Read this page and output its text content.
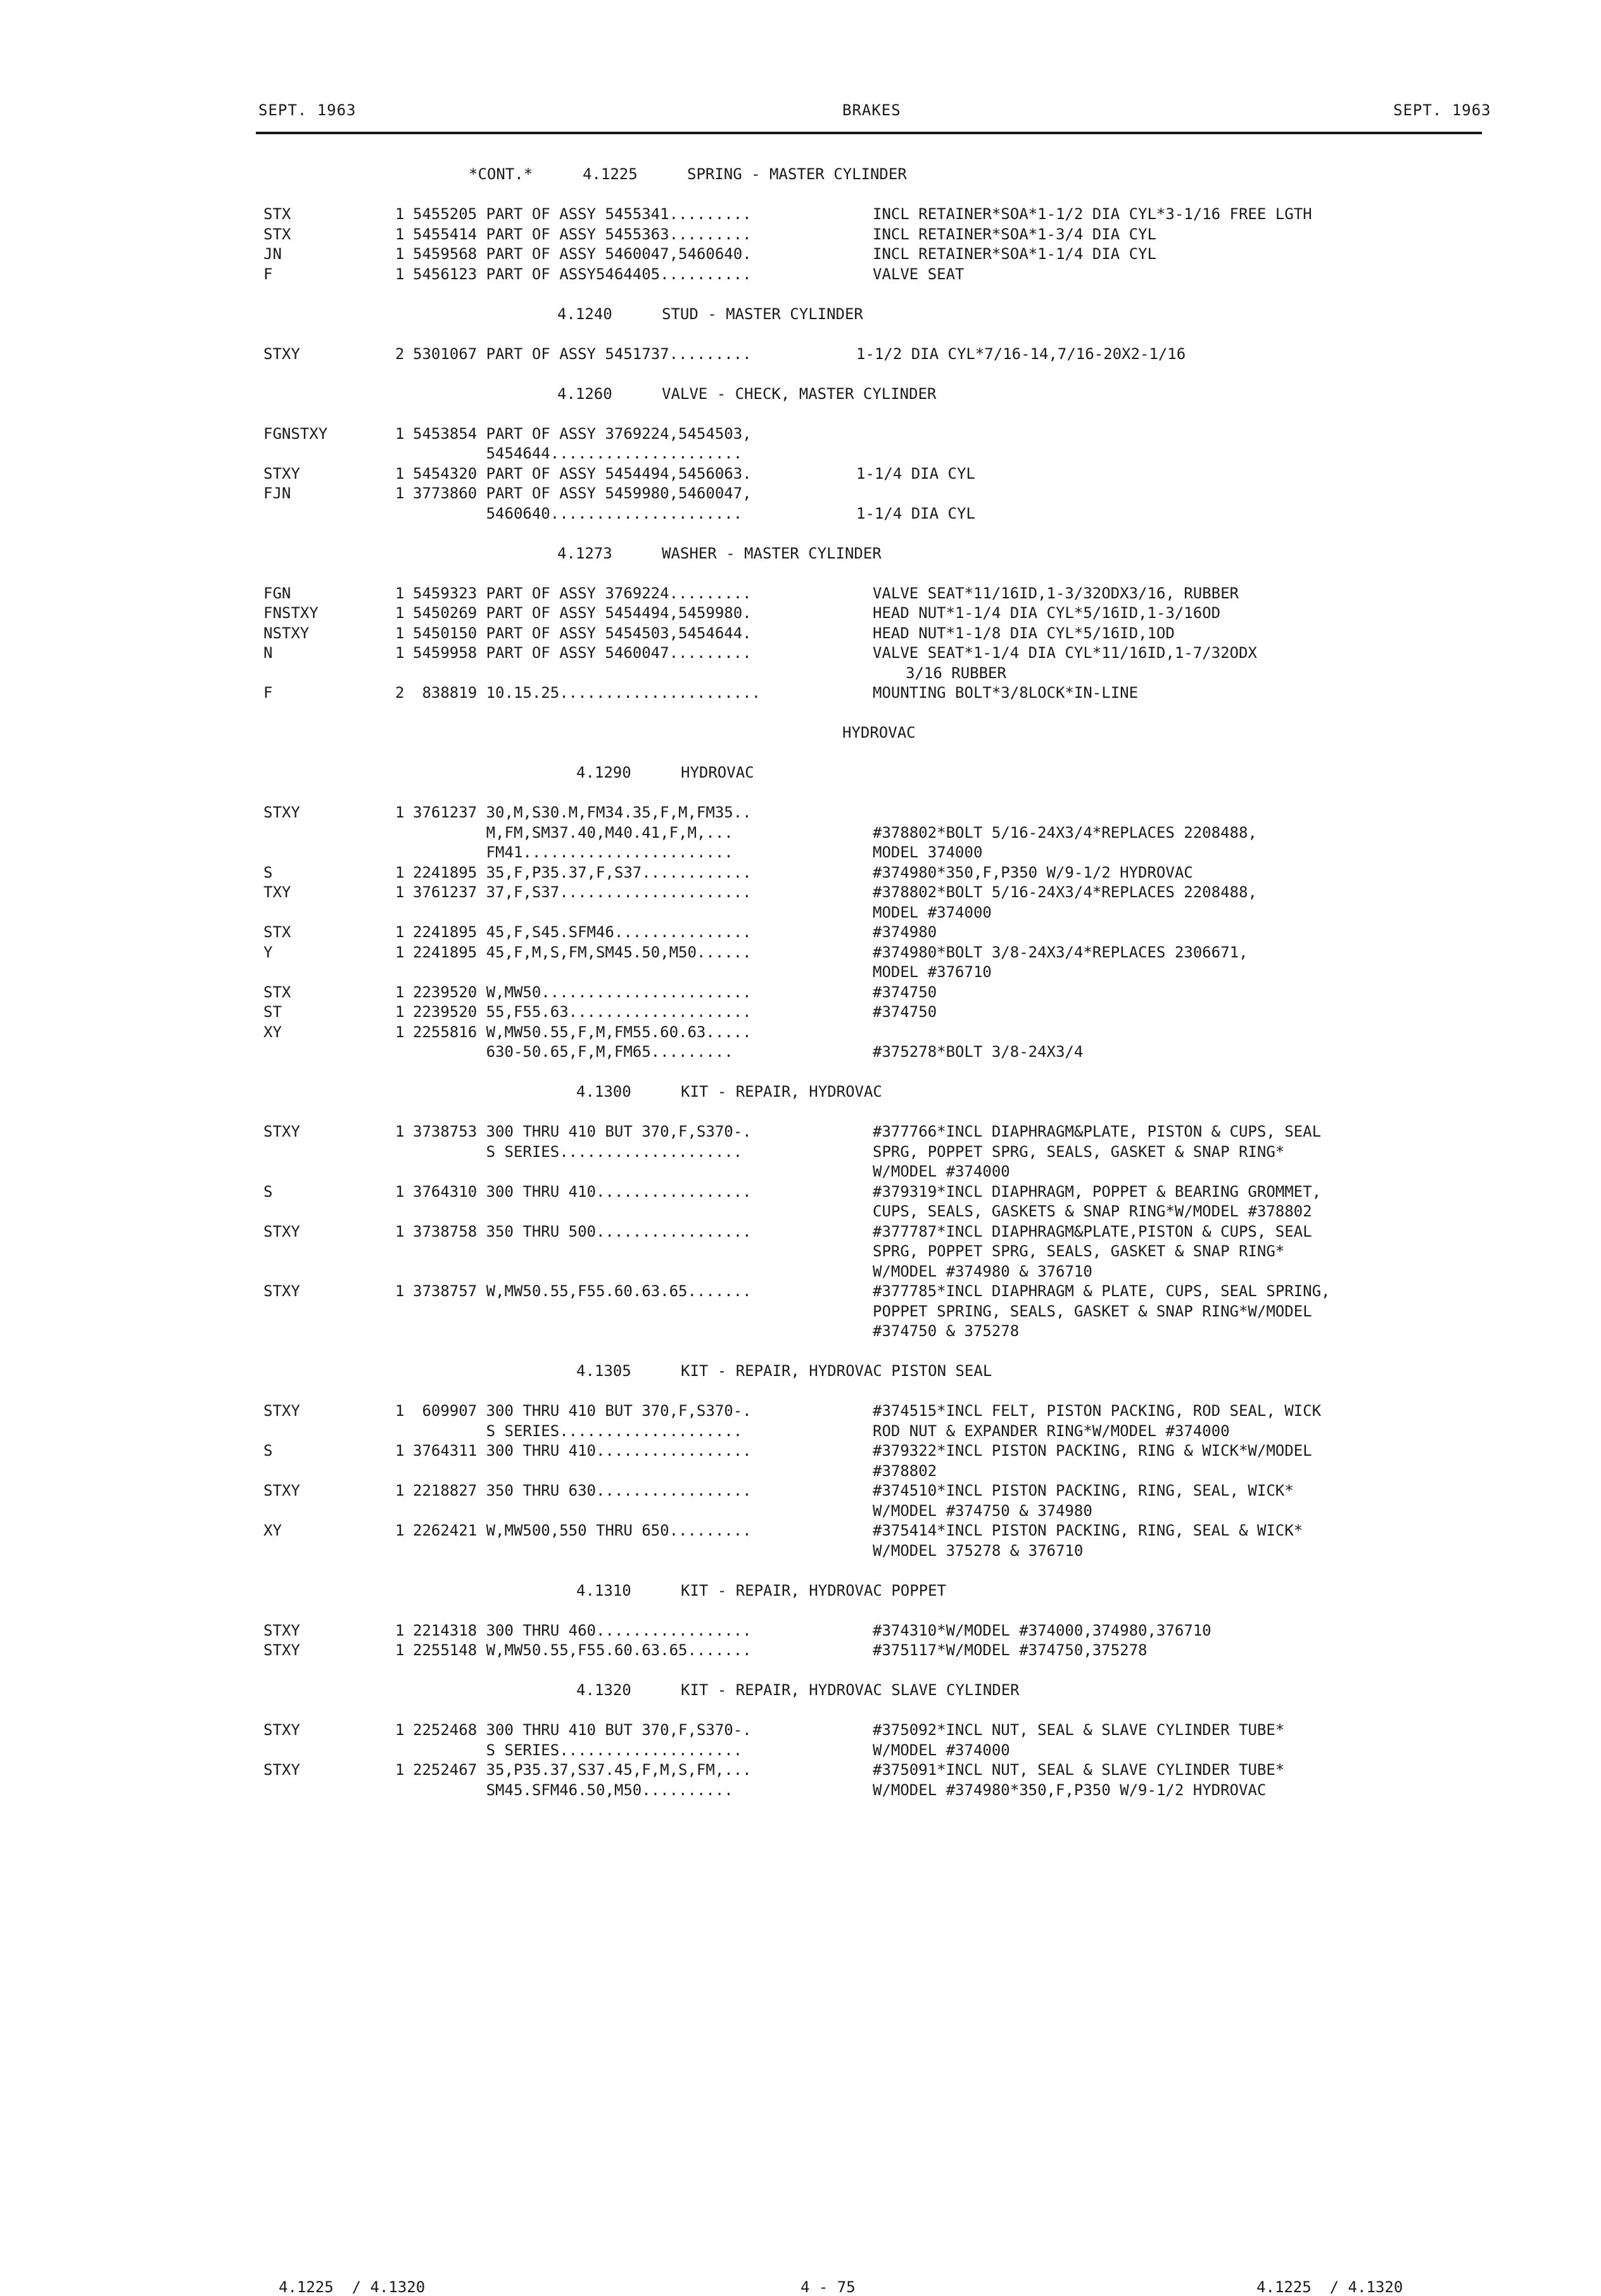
SEPT. 1963	BRAKES	SEPT. 1963
*CONT.*	4.1225	SPRING - MASTER CYLINDER
STX	1 5455205 PART OF ASSY 5455341.........	INCL RETAINER*SOA*1-1/2 DIA CYL*3-1/16 FREE LGTH
STX	1 5455414 PART OF ASSY 5455363.........	INCL RETAINER*SOA*1-3/4 DIA CYL
JN	1 5459568 PART OF ASSY 5460047,5460640.	INCL RETAINER*SOA*1-1/4 DIA CYL
F	1 5456123 PART OF ASSY5464405..........	VALVE SEAT
4.1240	STUD - MASTER CYLINDER
STXY	2 5301067 PART OF ASSY 5451737.........	1-1/2 DIA CYL*7/16-14,7/16-20X2-1/16
4.1260	VALVE - CHECK, MASTER CYLINDER
FGNSTXY	1 5453854 PART OF ASSY 3769224,5454503,
5454644.....................
STXY	1 5454320 PART OF ASSY 5454494,5456063.	1-1/4 DIA CYL
FJN	1 3773860 PART OF ASSY 5459980,5460047,
5460640.....................	1-1/4 DIA CYL
4.1273	WASHER - MASTER CYLINDER
FGN	1 5459323 PART OF ASSY 3769224.........	VALVE SEAT*11/16ID,1-3/32ODX3/16, RUBBER
FNSTXY	1 5450269 PART OF ASSY 5454494,5459980.	HEAD NUT*1-1/4 DIA CYL*5/16ID,1-3/16OD
NSTXY	1 5450150 PART OF ASSY 5454503,5454644.	HEAD NUT*1-1/8 DIA CYL*5/16ID,1OD
N	1 5459958 PART OF ASSY 5460047.........	VALVE SEAT*1-1/4 DIA CYL*11/16ID,1-7/32ODX
3/16 RUBBER
F	2 838819 10.15.25......................	MOUNTING BOLT*3/8LOCK*IN-LINE
HYDROVAC
4.1290	HYDROVAC
STXY	1 3761237 30,M,S30.M,FM34.35,F,M,FM35..
M,FM,SM37.40,M40.41,F,M,...	#378802*BOLT 5/16-24X3/4*REPLACES 2208488,
FM41.......................	MODEL 374000
S	1 2241895 35,F,P35.37,F,S37............	#374980*350,F,P350 W/9-1/2 HYDROVAC
TXY	1 3761237 37,F,S37.....................	#378802*BOLT 5/16-24X3/4*REPLACES 2208488,
MODEL #374000
STX	1 2241895 45,F,S45.SFM46...............	#374980
Y	1 2241895 45,F,M,S,FM,SM45.50,M50......	#374980*BOLT 3/8-24X3/4*REPLACES 2306671,
MODEL #376710
STX	1 2239520 W,MW50.......................	#374750
ST	1 2239520 55,F55.63....................	#374750
XY	1 2255816 W,MW50.55,F,M,FM55.60.63.....
630-50.65,F,M,FM65.........	#375278*BOLT 3/8-24X3/4
4.1300	KIT - REPAIR, HYDROVAC
STXY	1 3738753 300 THRU 410 BUT 370,F,S370-.	#377766*INCL DIAPHRAGM&PLATE, PISTON & CUPS, SEAL
S SERIES....................	SPRG, POPPET SPRG, SEALS, GASKET & SNAP RING*
W/MODEL #374000
S	1 3764310 300 THRU 410.................	#379319*INCL DIAPHRAGM, POPPET & BEARING GROMMET,
CUPS, SEALS, GASKETS & SNAP RING*W/MODEL #378802
STXY	1 3738758 350 THRU 500.................	#377787*INCL DIAPHRAGM&PLATE,PISTON & CUPS, SEAL
SPRG, POPPET SPRG, SEALS, GASKET & SNAP RING*
W/MODEL #374980 & 376710
STXY	1 3738757 W,MW50.55,F55.60.63.65.......	#377785*INCL DIAPHRAGM & PLATE, CUPS, SEAL SPRING,
POPPET SPRING, SEALS, GASKET & SNAP RING*W/MODEL
#374750 & 375278
4.1305	KIT - REPAIR, HYDROVAC PISTON SEAL
STXY	1 609907 300 THRU 410 BUT 370,F,S370-.	#374515*INCL FELT, PISTON PACKING, ROD SEAL, WICK
S SERIES....................	ROD NUT & EXPANDER RING*W/MODEL #374000
S	1 3764311 300 THRU 410.................	#379322*INCL PISTON PACKING, RING & WICK*W/MODEL
#378802
STXY	1 2218827 350 THRU 630.................	#374510*INCL PISTON PACKING, RING, SEAL, WICK*
W/MODEL #374750 & 374980
XY	1 2262421 W,MW500,550 THRU 650.........	#375414*INCL PISTON PACKING, RING, SEAL & WICK*
W/MODEL 375278 & 376710
4.1310	KIT - REPAIR, HYDROVAC POPPET
STXY	1 2214318 300 THRU 460.................	#374310*W/MODEL #374000,374980,376710
STXY	1 2255148 W,MW50.55,F55.60.63.65.......	#375117*W/MODEL #374750,375278
4.1320	KIT - REPAIR, HYDROVAC SLAVE CYLINDER
STXY	1 2252468 300 THRU 410 BUT 370,F,S370-.	#375092*INCL NUT, SEAL & SLAVE CYLINDER TUBE*
S SERIES....................	W/MODEL #374000
STXY	1 2252467 35,P35.37,S37.45,F,M,S,FM,...	#375091*INCL NUT, SEAL & SLAVE CYLINDER TUBE*
SM45.SFM46.50,M50..........	W/MODEL #374980*350,F,P350 W/9-1/2 HYDROVAC
4.1225  / 4.1320	4 - 75	4.1225  / 4.1320
